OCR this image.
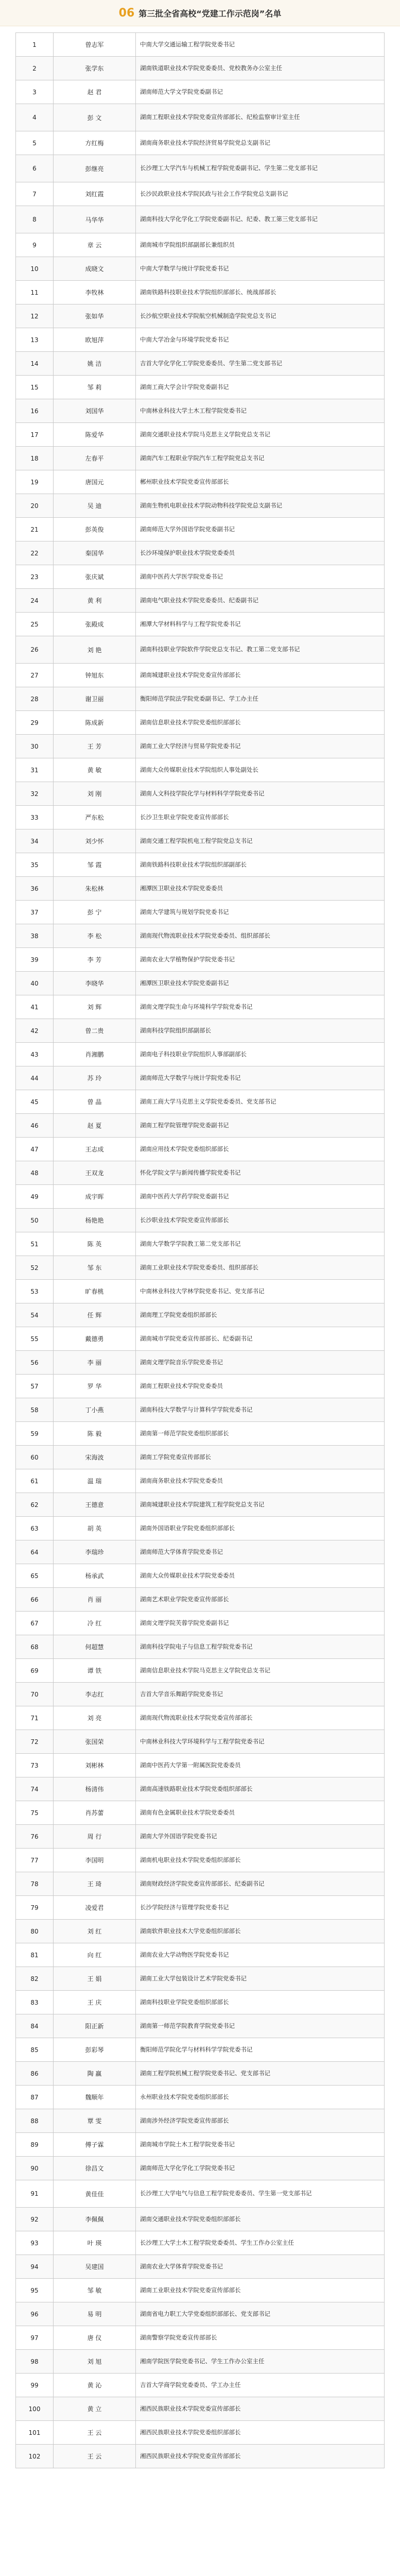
06 第三批全省高校“党建工作示范岗”名单
1	曾志军	中南大学交通运输工程学院党委书记
2	张学东	湖南铁道职业技术学院党委委员、党校教务办公室主任
3	赵 君	湖南师范大学文学院党委副书记
4	彭 文	湖南工程职业技术学院党委宣传部部长、纪检监察审计室主任
5	方红梅	湖南商务职业技术学院经济贸易学院党总支副书记
6	彭继亮	长沙理工大学汽车与机械工程学院党委副书记、学生第二党支部书记
7	刘红霞	长沙民政职业技术学院民政与社会工作学院党总支副书记
8	马华华	湖南科技大学化学化工学院党委副书记、纪委、教工第三党支部书记
9	章 云	湖南城市学院组织部副部长兼组织员
10	成晓文	中南大学数学与统计学院党委书记
11	李牧林	湖南铁路科技职业技术学院组织部部长、统战部部长
12	张如华	长沙航空职业技术学院航空机械制造学院党总支书记
13	欧旭萍	中南大学冶金与环境学院党委书记
14	姚 洁	吉首大学化学化工学院党委委员、学生第二党支部书记
15	邹 莉	湖南工商大学会计学院党委副书记
16	刘国华	中南林业科技大学土木工程学院党委书记
17	陈爱华	湖南交通职业技术学院马克思主义学院党总支书记
18	左春平	湖南汽车工程职业学院汽车工程学院党总支书记
19	唐国元	郴州职业技术学院党委宣传部部长
20	吴 迪	湖南生物机电职业技术学院动物科技学院党总支副书记
21	彭英俊	湖南师范大学外国语学院党委副书记
22	秦国华	长沙环境保护职业技术学院党委委员
23	张庆斌	湖南中医药大学医学院党委书记
24	黄 利	湖南电气职业技术学院党委委员、纪委副书记
25	张殿成	湘潭大学材料科学与工程学院党委书记
26	刘 艳	湖南科技职业学院软件学院党总支书记、教工第二党支部书记
27	钟旭东	湖南城建职业技术学院党委宣传部部长
28	谢卫丽	衡阳师范学院法学院党委副书记、学工办主任
29	陈成新	湖南信息职业技术学院党委组织部部长
30	王 芳	湖南工业大学经济与贸易学院党委书记
31	黄 敏	湖南大众传媒职业技术学院组织人事处副处长
32	刘 刚	湖南人文科技学院化学与材料科学学院党委书记
33	严东松	长沙卫生职业学院党委宣传部部长
34	刘少怀	湖南交通工程学院机电工程学院党总支书记
35	邹 霞	湖南铁路科技职业技术学院组织部副部长
36	朱松林	湘潭医卫职业技术学院党委委员
37	彭 宁	湖南大学建筑与规划学院党委书记
38	李 松	湖南现代物流职业技术学院党委委员、组织部部长
39	李 芳	湖南农业大学植物保护学院党委书记
40	李晓华	湘潭医卫职业技术学院党委副书记
41	刘 辉	湖南文理学院生命与环境科学学院党委书记
42	曾二贵	湖南科技学院组织部副部长
43	肖湘鹏	湖南电子科技职业学院组织人事部副部长
44	苏 玲	湖南师范大学数学与统计学院党委书记
45	曾 晶	湖南工商大学马克思主义学院党委委员、党支部书记
46	赵 夏	湖南工程学院管理学院党委副书记
47	王志成	湖南应用技术学院党委组织部部长
48	王双龙	怀化学院文学与新闻传播学院党委书记
49	成宇晖	湖南中医药大学药学院党委副书记
50	杨艳艳	长沙职业技术学院党委宣传部部长
51	陈 英	湖南大学数学学院教工第二党支部书记
52	邹 东	湖南工业职业技术学院党委委员、组织部部长
53	旷春桃	中南林业科技大学林学院党委书记、党支部书记
54	任 辉	湖南理工学院党委组织部部长
55	戴德勇	湖南城市学院党委宣传部部长、纪委副书记
56	李 丽	湖南文理学院音乐学院党委书记
57	罗 华	湖南工程职业技术学院党委委员
58	丁小燕	湖南科技大学数学与计算科学学院党委书记
59	陈 毅	湖南第一师范学院党委组织部部长
60	宋海波	湖南工学院党委宣传部部长
61	温 瑞	湖南商务职业技术学院党委委员
62	王德意	湖南城建职业技术学院建筑工程学院党总支书记
63	胡 英	湖南外国语职业学院党委组织部部长
64	李瑞珍	湖南师范大学体育学院党委书记
65	杨承武	湖南大众传媒职业技术学院党委委员
66	肖 丽	湖南艺术职业学院党委宣传部部长
67	冷 红	湖南文理学院芙蓉学院党委副书记
68	何超慧	湖南科技学院电子与信息工程学院党委书记
69	谭 铁	湖南信息职业技术学院马克思主义学院党总支书记
70	李志红	吉首大学音乐舞蹈学院党委书记
71	刘 亮	湖南现代物流职业技术学院党委宣传部部长
72	张国荣	中南林业科技大学环境科学与工程学院党委书记
73	刘彬林	湖南中医药大学第一附属医院党委委员
74	杨清伟	湖南高速铁路职业技术学院党委组织部部长
75	肖苏蕾	湖南有色金属职业技术学院党委委员
76	周 行	湖南大学外国语学院党委书记
77	李国明	湖南机电职业技术学院党委组织部部长
78	王 琦	湖南财政经济学院党委宣传部部长、纪委副书记
79	凌爱君	长沙学院经济与管理学院党委书记
80	刘 红	湖南软件职业技术大学党委组织部部长
81	向 红	湖南农业大学动物医学院党委书记
82	王 娟	湖南工业大学包装设计艺术学院党委书记
83	王 庆	湖南科技职业学院党委组织部部长
84	阳正新	湖南第一师范学院教育学院党委书记
85	彭彩琴	衡阳师范学院化学与材料科学学院党委书记
86	陶 赢	湖南工程学院机械工程学院党委书记、党支部书记
87	魏顺年	永州职业技术学院党委组织部部长
88	覃 雯	湖南涉外经济学院党委宣传部部长
89	傅子霖	湖南城市学院土木工程学院党委书记
90	徐昌文	湖南师范大学化学化工学院党委书记
91	黄佳佳	长沙理工大学电气与信息工程学院党委委员、学生第一党支部书记
92	李佩佩	湖南交通职业技术学院党委组织部部长
93	叶 瑛	长沙理工大学土木工程学院党委委员、学生工作办公室主任
94	吴建国	湖南农业大学体育学院党委书记
95	邹 敏	湖南工业职业技术学院党委宣传部部长
96	易 明	湖南省电力职工大学党委组织部部长、党支部书记
97	唐 仪	湖南警察学院党委宣传部部长
98	刘 旭	湘南学院医学院党委书记、学生工作办公室主任
99	黄 沁	吉首大学商学院党委委员、学工办主任
100	黄 立	湘西民族职业技术学院党委宣传部部长
101	王 云	湘西民族职业技术学院党委组织部部长
102	王 云	湘西民族职业技术学院党委宣传部部长
